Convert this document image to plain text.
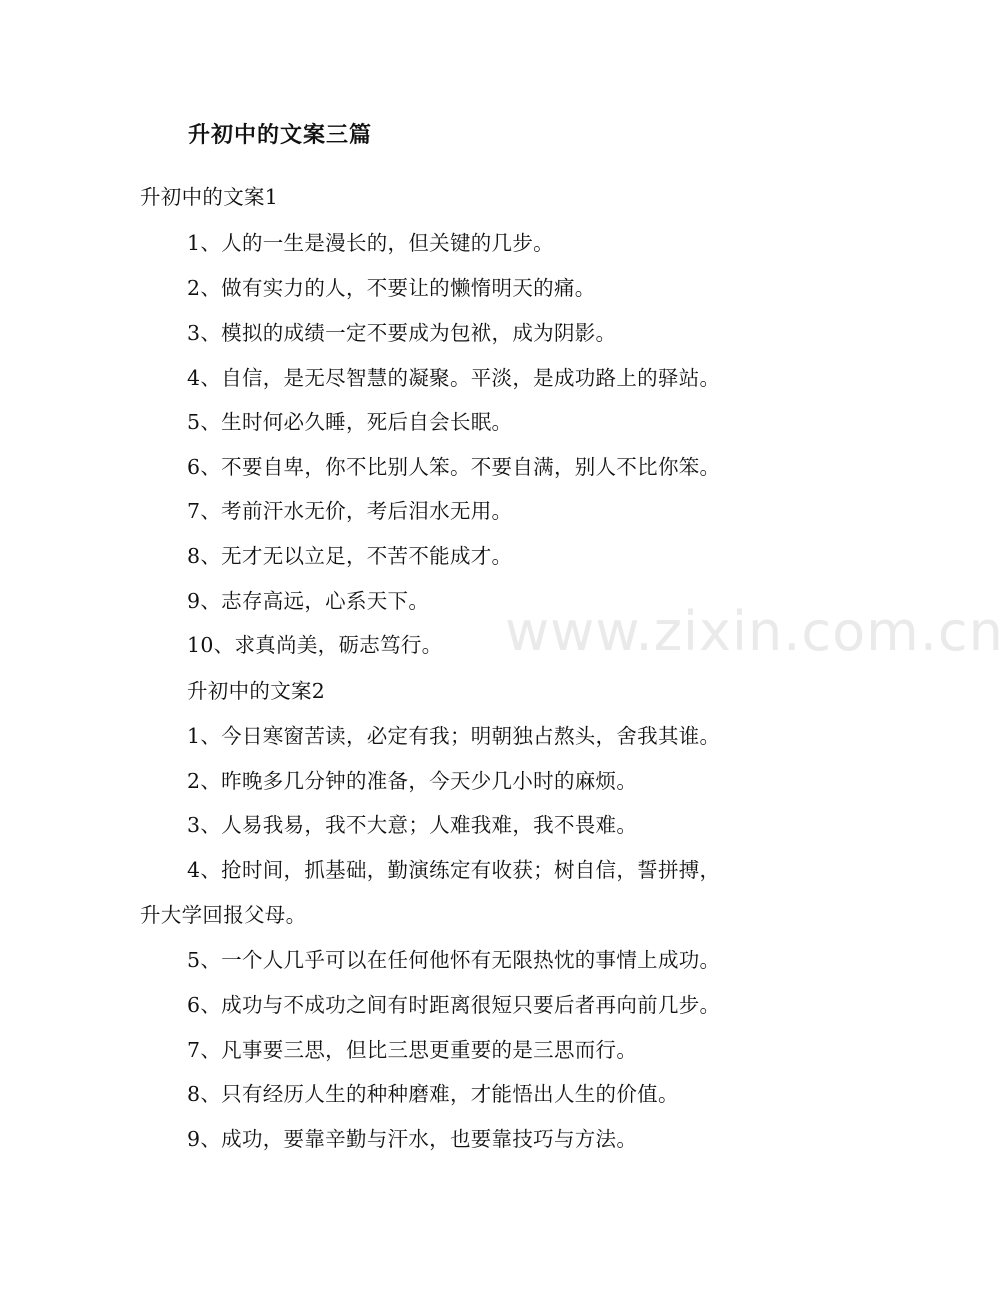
www.zixin.com.cn
升初中的文案三篇
升初中的文案1
1、人的一生是漫长的，但关键的几步。
2、做有实力的人，不要让的懒惰明天的痛。
3、模拟的成绩一定不要成为包袱，成为阴影。
4、自信，是无尽智慧的凝聚。平淡，是成功路上的驿站。
5、生时何必久睡，死后自会长眠。
6、不要自卑，你不比别人笨。不要自满，别人不比你笨。
7、考前汗水无价，考后泪水无用。
8、无才无以立足，不苦不能成才。
9、志存高远，心系天下。
10、求真尚美，砺志笃行。
升初中的文案2
1、今日寒窗苦读，必定有我；明朝独占熬头，舍我其谁。
2、昨晚多几分钟的准备，今天少几小时的麻烦。
3、人易我易，我不大意；人难我难，我不畏难。
4、抢时间，抓基础，勤演练定有收获；树自信，誓拼搏，
升大学回报父母。
5、一个人几乎可以在任何他怀有无限热忱的事情上成功。
6、成功与不成功之间有时距离很短只要后者再向前几步。
7、凡事要三思，但比三思更重要的是三思而行。
8、只有经历人生的种种磨难，才能悟出人生的价值。
9、成功，要靠辛勤与汗水，也要靠技巧与方法。
